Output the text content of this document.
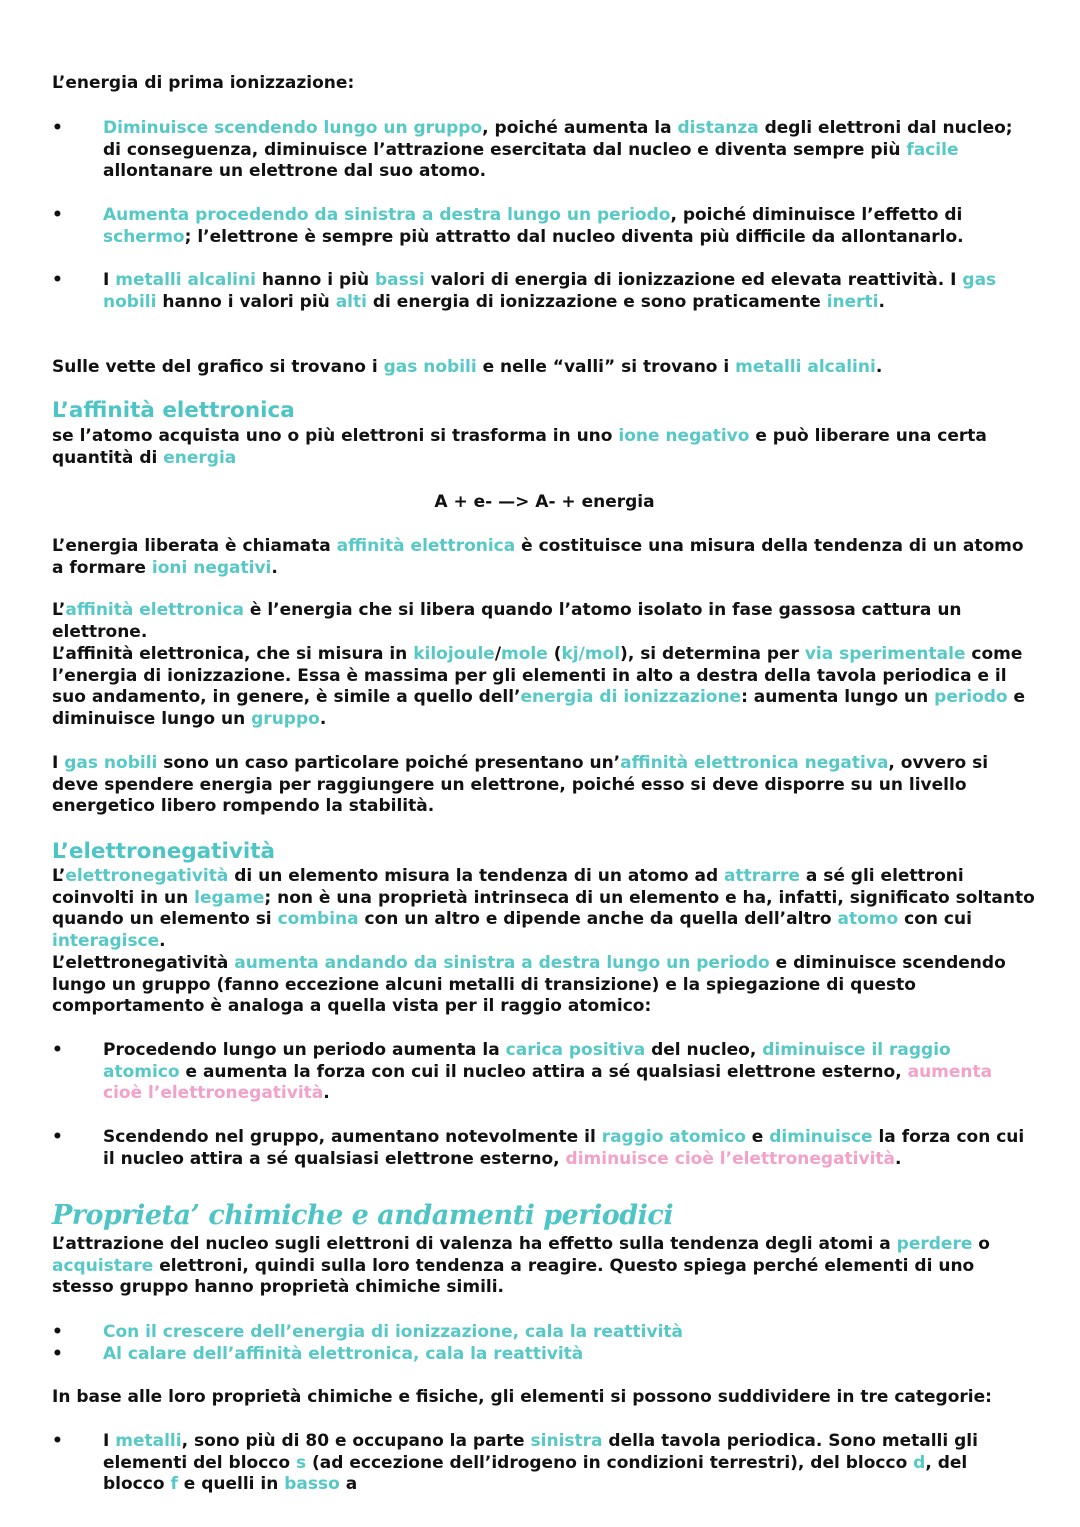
L’energia di prima ionizzazione:

• Diminuisce scendendo lungo un gruppo, poiché aumenta la distanza degli elettroni dal nucleo; di conseguenza, diminuisce l’attrazione esercitata dal nucleo e diventa sempre più facile allontanare un elettrone dal suo atomo.

• Aumenta procedendo da sinistra a destra lungo un periodo, poiché diminuisce l’effetto di schermo; l’elettrone è sempre più attratto dal nucleo diventa più difficile da allontanarlo.

• I metalli alcalini hanno i più bassi valori di energia di ionizzazione ed elevata reattività. I gas nobili hanno i valori più alti di energia di ionizzazione e sono praticamente inerti.

Sulle vette del grafico si trovano i gas nobili e nelle “valli” si trovano i metalli alcalini.

L’affinità elettronica

se l’atomo acquista uno o più elettroni si trasforma in uno ione negativo e può liberare una certa quantità di energia

A + e- —> A- + energia

L’energia liberata è chiamata affinità elettronica è costituisce una misura della tendenza di un atomo a formare ioni negativi.

L’affinità elettronica è l’energia che si libera quando l’atomo isolato in fase gassosa cattura un elettrone.

L’affinità elettronica, che si misura in kilojoule/mole (kj/mol), si determina per via sperimentale come l’energia di ionizzazione. Essa è massima per gli elementi in alto a destra della tavola periodica e il suo andamento, in genere, è simile a quello dell’energia di ionizzazione: aumenta lungo un periodo e diminuisce lungo un gruppo.

I gas nobili sono un caso particolare poiché presentano un’affinità elettronica negativa, ovvero si deve spendere energia per raggiungere un elettrone, poiché esso si deve disporre su un livello energetico libero rompendo la stabilità.

L’elettronegatività

L’elettronegatività di un elemento misura la tendenza di un atomo ad attrarre a sé gli elettroni coinvolti in un legame; non è una proprietà intrinseca di un elemento e ha, infatti, significato soltanto quando un elemento si combina con un altro e dipende anche da quella dell’altro atomo con cui interagisce.

L’elettronegatività aumenta andando da sinistra a destra lungo un periodo e diminuisce scendendo lungo un gruppo (fanno eccezione alcuni metalli di transizione) e la spiegazione di questo comportamento è analoga a quella vista per il raggio atomico:

• Procedendo lungo un periodo aumenta la carica positiva del nucleo, diminuisce il raggio atomico e aumenta la forza con cui il nucleo attira a sé qualsiasi elettrone esterno, aumenta cioè l’elettronegatività.

• Scendendo nel gruppo, aumentano notevolmente il raggio atomico e diminuisce la forza con cui il nucleo attira a sé qualsiasi elettrone esterno, diminuisce cioè l’elettronegatività.

Proprieta’ chimiche e andamenti periodici

L’attrazione del nucleo sugli elettroni di valenza ha effetto sulla tendenza degli atomi a perdere o acquistare elettroni, quindi sulla loro tendenza a reagire. Questo spiega perché elementi di uno stesso gruppo hanno proprietà chimiche simili.

• Con il crescere dell’energia di ionizzazione, cala la reattività

• Al calare dell’affinità elettronica, cala la reattività

In base alle loro proprietà chimiche e fisiche, gli elementi si possono suddividere in tre categorie:

• I metalli, sono più di 80 e occupano la parte sinistra della tavola periodica. Sono metalli gli elementi del blocco s (ad eccezione dell’idrogeno in condizioni terrestri), del blocco d, del blocco f e quelli in basso a
